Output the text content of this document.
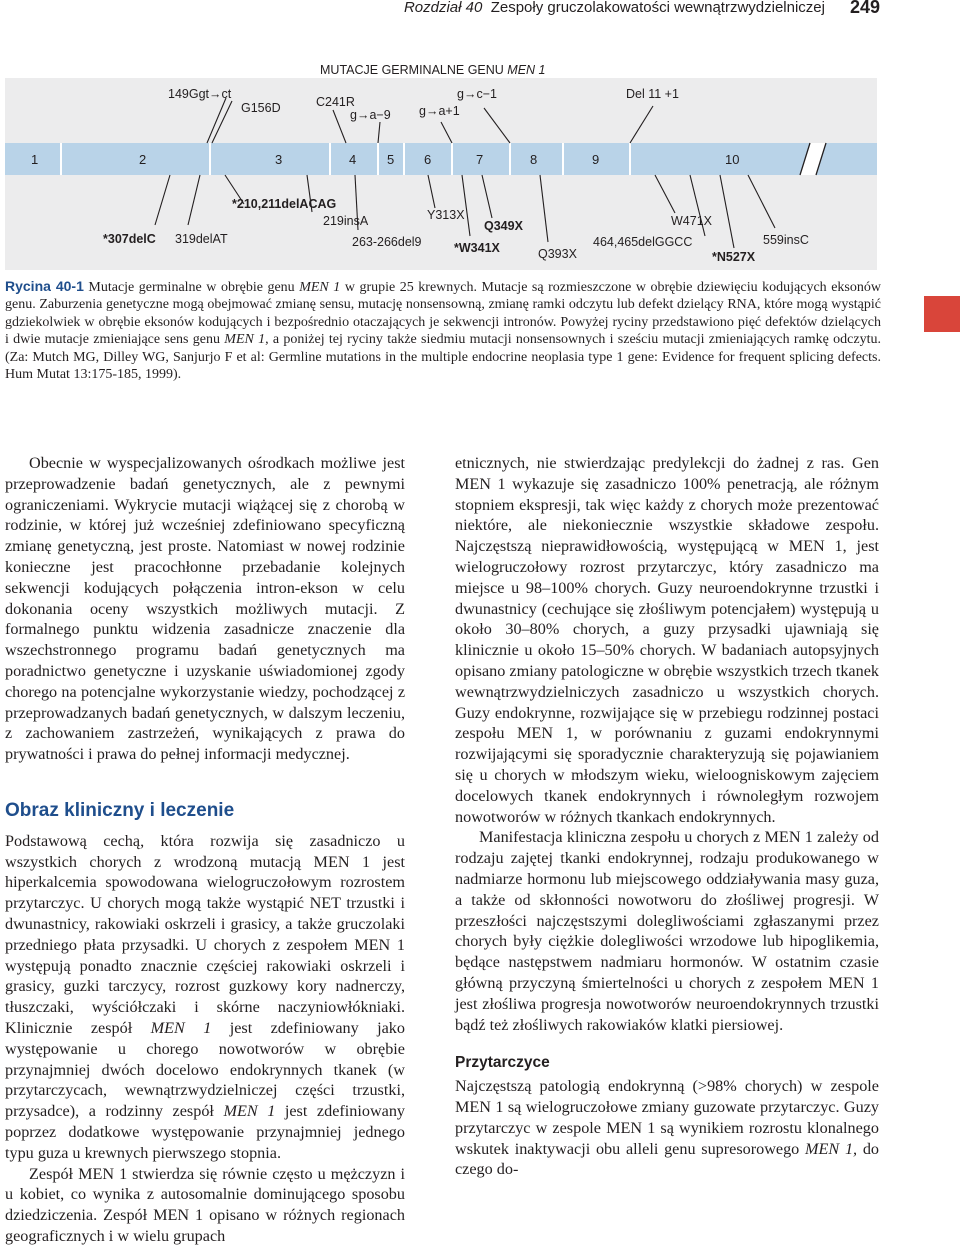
Rozdział 40 Zespoły gruczolakowatości wewnątrzwydzielniczej 249
MUTACJE GERMINALNE GENU MEN 1
1	2	3	4 5 6	7	8	9	10
149Ggt→ct
G156D	C241R
g→a−9 g→a+1
g→c−1	Del 11 +1
*210,211delACAG
219insA
263-266del9
Y313X
Q349X
*W341X	Q393X
W471X
464,465delGGCC
*N527X
559insC
*307delC 319delAT
Rycina 40-1 Mutacje germinalne w obrębie genu MEN 1 w grupie 25 krewnych. Mutacje są rozmieszczone w obrębie dziewięciu kodujących eksonów genu. Zaburzenia genetyczne mogą obejmować zmianę sensu, mutację nonsensowną, zmianę ramki odczytu lub defekt dzielący RNA, które mogą wystąpić gdziekolwiek w obrębie eksonów kodujących i bezpośrednio otaczających je sekwencji intronów. Powyżej ryciny przedstawiono pięć defektów dzielących i dwie mutacje zmieniające sens genu MEN 1, a poniżej tej ryciny także siedmiu mutacji nonsensownych i sześciu mutacji zmieniających ramkę odczytu. (Za: Mutch MG, Dilley WG, Sanjurjo F et al: Germline mutations in the multiple endocrine neoplasia type 1 gene: Evidence for frequent splicing defects. Hum Mutat 13:175-185, 1999).

Obecnie w wyspecjalizowanych ośrodkach możliwe jest przeprowadzenie badań genetycznych, ale z pewnymi ograniczeniami. Wykrycie mutacji wiążącej się z chorobą w rodzinie, w której już wcześniej zdefiniowano specyficzną zmianę genetyczną, jest proste. Natomiast w nowej rodzinie konieczne jest pracochłonne przebadanie kolejnych sekwencji kodujących połączenia intron-ekson w celu dokonania oceny wszystkich możliwych mutacji. Z formalnego punktu widzenia zasadnicze znaczenie dla wszechstronnego programu badań genetycznych ma poradnictwo genetyczne i uzyskanie uświadomionej zgody chorego na potencjalne wykorzystanie wiedzy, pochodzącej z przeprowadzanych badań genetycznych, w dalszym leczeniu, z zachowaniem zastrzeżeń, wynikających z prawa do prywatności i prawa do pełnej informacji medycznej.

Obraz kliniczny i leczenie

Podstawową cechą, która rozwija się zasadniczo u wszystkich chorych z wrodzoną mutacją MEN 1 jest hiperkalcemia spowodowana wielogruczołowym rozrostem przytarczyc. U chorych mogą także wystąpić NET trzustki i dwunastnicy, rakowiaki oskrzeli i grasicy, a także gruczolaki przedniego płata przysadki. U chorych z zespołem MEN 1 występują ponadto znacznie częściej rakowiaki oskrzeli i grasicy, guzki tarczycy, rozrost guzkowy kory nadnerczy, tłuszczaki, wyściółczaki i skórne naczyniowłókniaki. Klinicznie zespół MEN 1 jest zdefiniowany jako występowanie u chorego nowotworów w obrębie przynajmniej dwóch docelowo endokrynnych tkanek (w przytarczycach, wewnątrzwydzielniczej części trzustki, przysadce), a rodzinny zespół MEN 1 jest zdefiniowany poprzez dodatkowe występowanie przynajmniej jednego typu guza u krewnych pierwszego stopnia.

Zespół MEN 1 stwierdza się równie często u mężczyzn i u kobiet, co wynika z autosomalnie dominującego sposobu dziedziczenia. Zespół MEN 1 opisano w różnych regionach geograficznych i w wielu grupach

etnicznych, nie stwierdzając predylekcji do żadnej z ras. Gen MEN 1 wykazuje się zasadniczo 100% penetracją, ale różnym stopniem ekspresji, tak więc każdy z chorych może prezentować niektóre, ale niekoniecznie wszystkie składowe zespołu. Najczęstszą nieprawidłowością, występującą w MEN 1, jest wielogruczołowy rozrost przytarczyc, który zasadniczo ma miejsce u 98–100% chorych. Guzy neuroendokrynne trzustki i dwunastnicy (cechujące się złośliwym potencjałem) występują u około 30–80% chorych, a guzy przysadki ujawniają się klinicznie u około 15–50% chorych. W badaniach autopsyjnych opisano zmiany patologiczne w obrębie wszystkich trzech tkanek wewnątrzwydzielniczych zasadniczo u wszystkich chorych. Guzy endokrynne, rozwijające się w przebiegu rodzinnej postaci zespołu MEN 1, w porównaniu z guzami endokrynnymi rozwijającymi się sporadycznie charakteryzują się pojawianiem się u chorych w młodszym wieku, wieloogniskowym zajęciem docelowych tkanek endokrynnych i równoległym rozwojem nowotworów w różnych tkankach endokrynnych.

Manifestacja kliniczna zespołu u chorych z MEN 1 zależy od rodzaju zajętej tkanki endokrynnej, rodzaju produkowanego w nadmiarze hormonu lub miejscowego oddziaływania masy guza, a także od skłonności nowotworu do złośliwej progresji. W przeszłości najczęstszymi dolegliwościami zgłaszanymi przez chorych były ciężkie dolegliwości wrzodowe lub hipoglikemia, będące następstwem nadmiaru hormonów. W ostatnim czasie główną przyczyną śmiertelności u chorych z zespołem MEN 1 jest złośliwa progresja nowotworów neuroendokrynnych trzustki bądź też złośliwych rakowiaków klatki piersiowej.

Przytarczyce

Najczęstszą patologią endokrynną (>98% chorych) w zespole MEN 1 są wielogruczołowe zmiany guzowate przytarczyc. Guzy przytarczyc w zespole MEN 1 są wynikiem rozrostu klonalnego wskutek inaktywacji obu alleli genu supresorowego MEN 1, do czego do-
